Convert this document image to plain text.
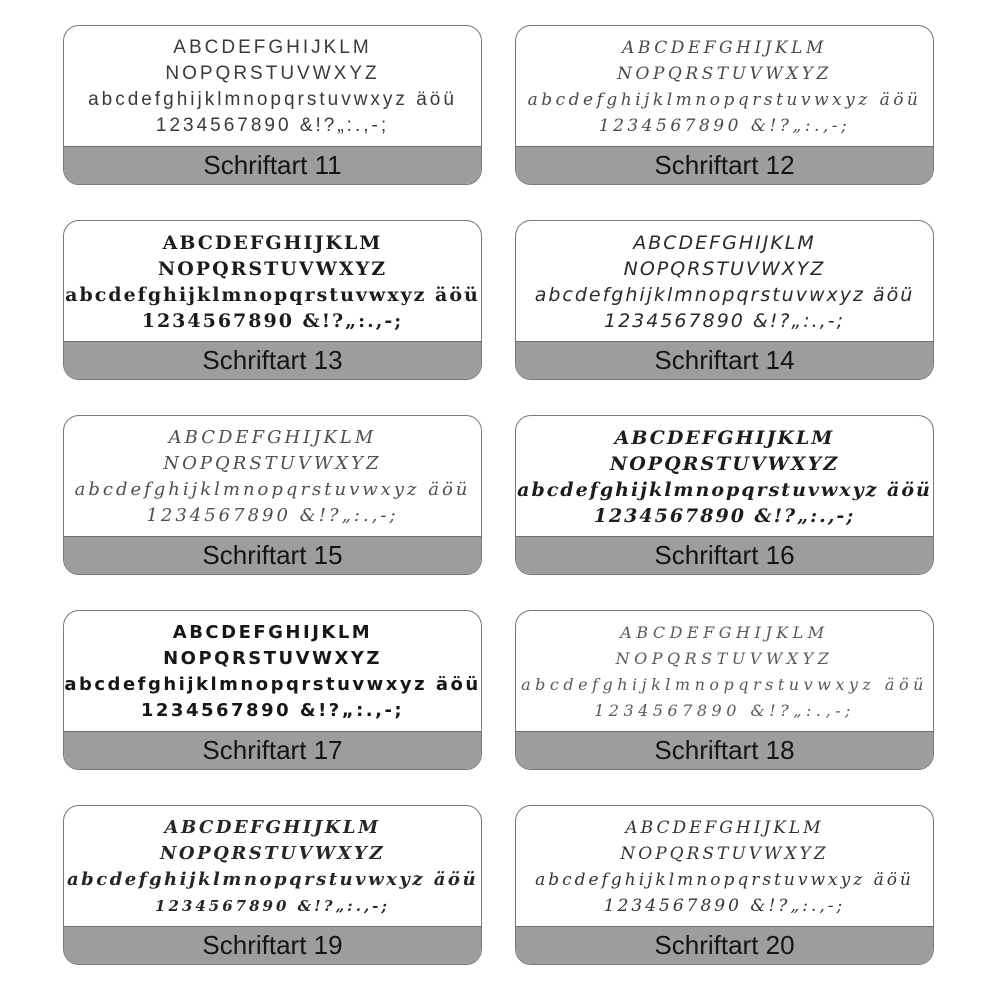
ABCDEFGHIJKLM
NOPQRSTUVWXYZ
abcdefghijklmnopqrstuvwxyz äöü
1234567890 &!?„:.,-;
Schriftart 11
ABCDEFGHIJKLM
NOPQRSTUVWXYZ
abcdefghijklmnopqrstuvwxyz äöü
1234567890 &!?„:.,-;
Schriftart 12
ABCDEFGHIJKLM
NOPQRSTUVWXYZ
abcdefghijklmnopqrstuvwxyz äöü
1234567890 &!?„:.,-;
Schriftart 13
ABCDEFGHIJKLM
NOPQRSTUVWXYZ
abcdefghijklmnopqrstuvwxyz äöü
1234567890 &!?„:.,-;
Schriftart 14
ABCDEFGHIJKLM
NOPQRSTUVWXYZ
abcdefghijklmnopqrstuvwxyz äöü
1234567890 &!?„:.,-;
Schriftart 15
ABCDEFGHIJKLM
NOPQRSTUVWXYZ
abcdefghijklmnopqrstuvwxyz äöü
1234567890 &!?„:.,-;
Schriftart 16
ABCDEFGHIJKLM
NOPQRSTUVWXYZ
abcdefghijklmnopqrstuvwxyz äöü
1234567890 &!?„:.,-;
Schriftart 17
ABCDEFGHIJKLM
NOPQRSTUVWXYZ
abcdefghijklmnopqrstuvwxyz äöü
1234567890 &!?„:.,-;
Schriftart 18
ABCDEFGHIJKLM
NOPQRSTUVWXYZ
abcdefghijklmnopqrstuvwxyz äöü
1234567890 &!?„:.,-;
Schriftart 19
ABCDEFGHIJKLM
NOPQRSTUVWXYZ
abcdefghijklmnopqrstuvwxyz äöü
1234567890 &!?„:.,-;
Schriftart 20
